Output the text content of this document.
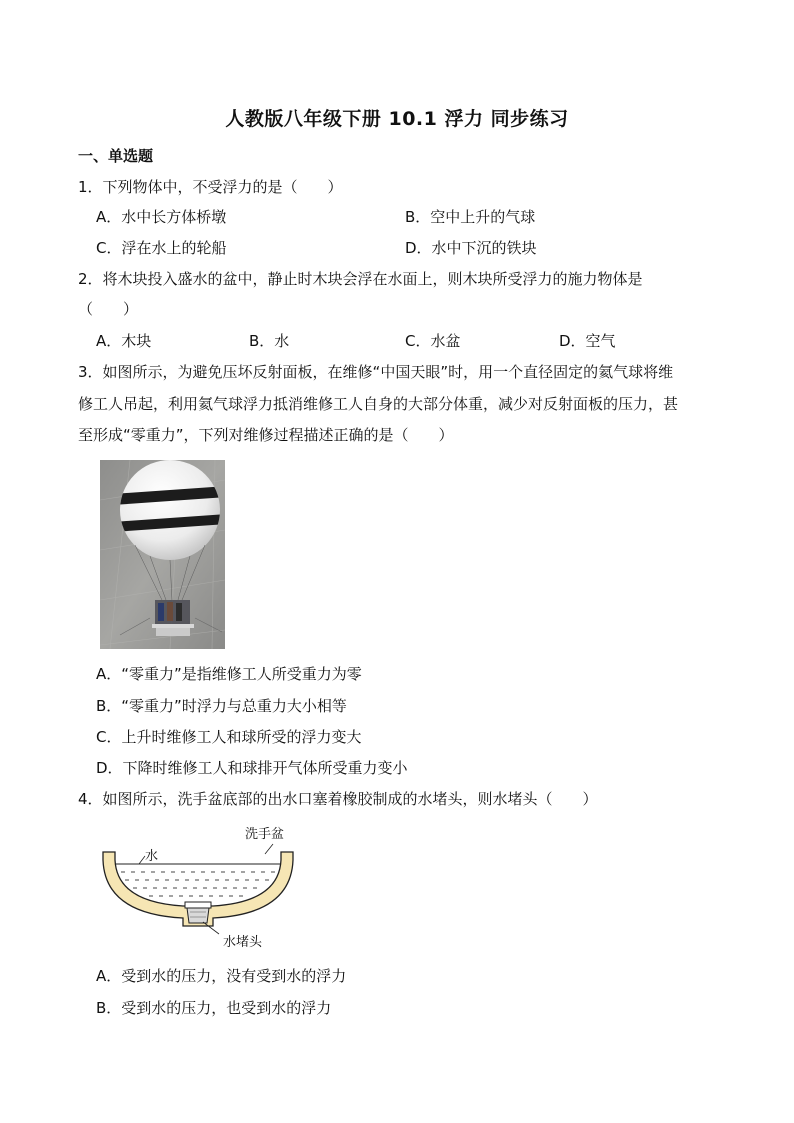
人教版八年级下册 10.1 浮力 同步练习
一、单选题
1．下列物体中，不受浮力的是（　　）
A．水中长方体桥墩	B．空中上升的气球
C．浮在水上的轮船	D．水中下沉的铁块
2．将木块投入盛水的盆中，静止时木块会浮在水面上，则木块所受浮力的施力物体是
（　　）
A．木块	B．水	C．水盆	D．空气
3．如图所示，为避免压坏反射面板，在维修“中国天眼”时，用一个直径固定的氦气球将维
修工人吊起，利用氦气球浮力抵消维修工人自身的大部分体重，减少对反射面板的压力，甚
至形成“零重力”，下列对维修过程描述正确的是（　　）
A．“零重力”是指维修工人所受重力为零
B．“零重力”时浮力与总重力大小相等
C．上升时维修工人和球所受的浮力变大
D．下降时维修工人和球排开气体所受重力变小
4．如图所示，洗手盆底部的出水口塞着橡胶制成的水堵头，则水堵头（　　）
水
洗手盆
水堵头
A．受到水的压力，没有受到水的浮力
B．受到水的压力，也受到水的浮力
